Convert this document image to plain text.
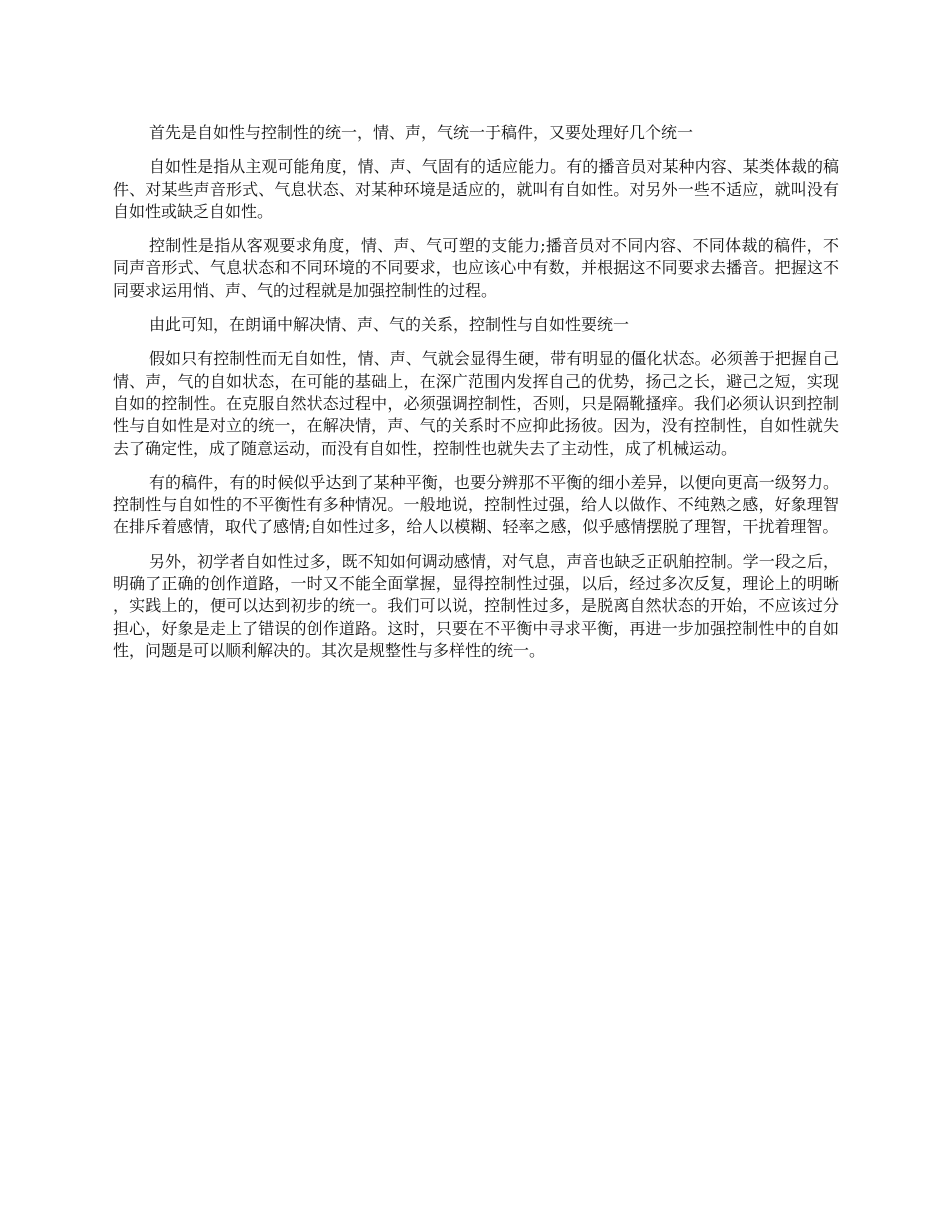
首先是自如性与控制性的统一，情、声，气统一于稿件，又要处理好几个统一

自如性是指从主观可能角度，情、声、气固有的适应能力。有的播音员对某种内容、某类体裁的稿件、对某些声音形式、气息状态、对某种环境是适应的，就叫有自如性。对另外一些不适应，就叫没有自如性或缺乏自如性。

控制性是指从客观要求角度，情、声、气可塑的支能力;播音员对不同内容、不同体裁的稿件，不同声音形式、气息状态和不同环境的不同要求，也应该心中有数，并根据这不同要求去播音。把握这不同要求运用悄、声、气的过程就是加强控制性的过程。

由此可知，在朗诵中解决情、声、气的关系，控制性与自如性要统一

假如只有控制性而无自如性，情、声、气就会显得生硬，带有明显的僵化状态。必须善于把握自己情、声，气的自如状态，在可能的基础上，在深广范围内发挥自己的优势，扬己之长，避己之短，实现自如的控制性。在克服自然状态过程中，必须强调控制性，否则，只是隔靴搔痒。我们必须认识到控制性与自如性是对立的统一，在解决情，声、气的关系时不应抑此扬彼。因为，没有控制性，自如性就失去了确定性，成了随意运动，而没有自如性，控制性也就失去了主动性，成了机械运动。

有的稿件，有的时候似乎达到了某种平衡，也要分辨那不平衡的细小差异，以便向更高一级努力。控制性与自如性的不平衡性有多种情况。一般地说，控制性过强，给人以做作、不纯熟之感，好象理智在排斥着感情，取代了感情;自如性过多，给人以模糊、轻率之感，似乎感情摆脱了理智，干扰着理智。

另外，初学者自如性过多，既不知如何调动感情，对气息，声音也缺乏正矾舶控制。学一段之后，明确了正确的创作道路，一时又不能全面掌握，显得控制性过强，以后，经过多次反复，理论上的明晰，实践上的，便可以达到初步的统一。我们可以说，控制性过多，是脱离自然状态的开始，不应该过分担心，好象是走上了错误的创作道路。这时，只要在不平衡中寻求平衡，再进一步加强控制性中的自如性，问题是可以顺利解决的。其次是规整性与多样性的统一。
